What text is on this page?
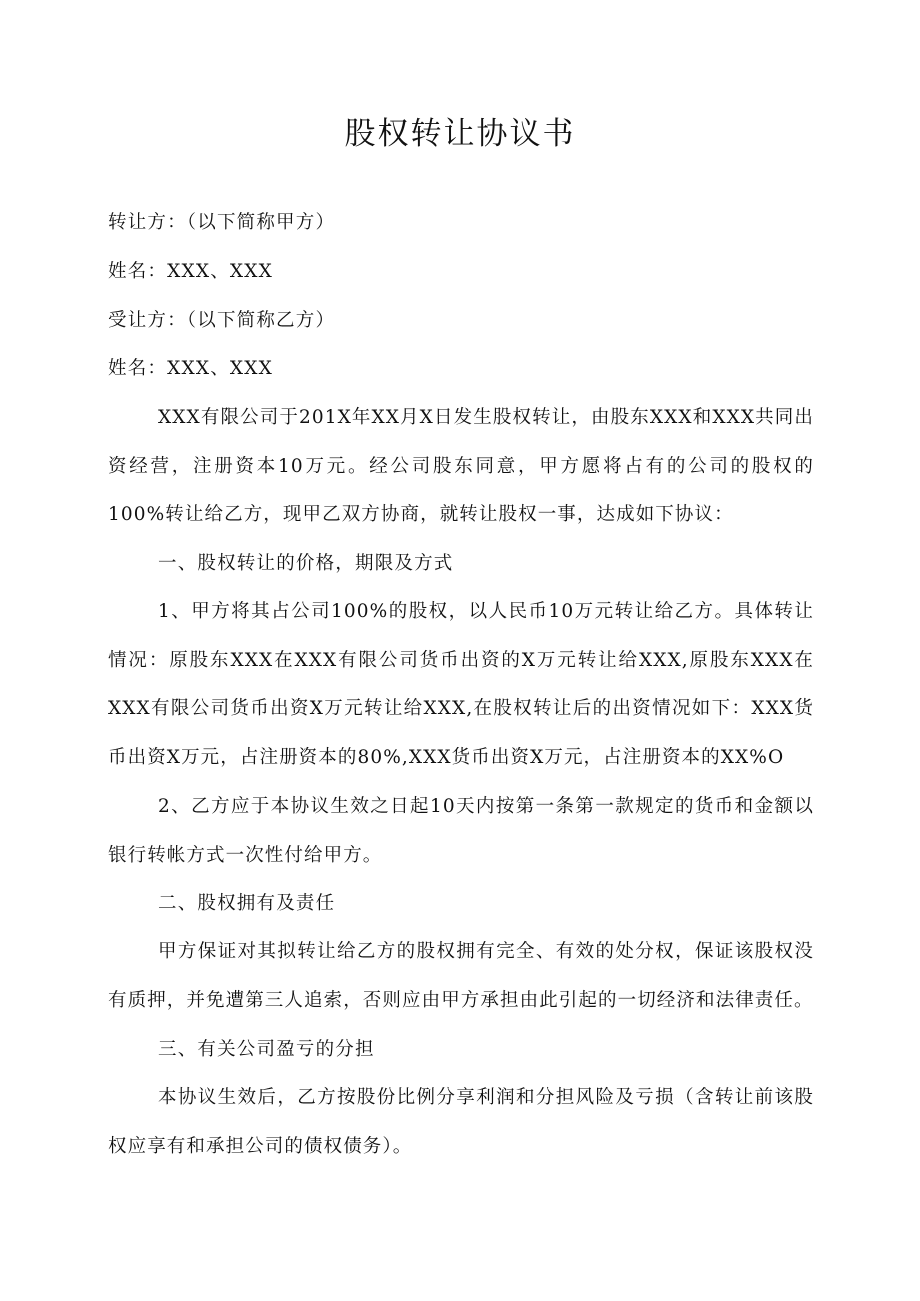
股权转让协议书
转让方：（以下简称甲方）
姓名：XXX、XXX
受让方：（以下简称乙方）
姓名：XXX、XXX
XXX有限公司于201X年XX月X日发生股权转让，由股东XXX和XXX共同出资经营，注册资本10万元。经公司股东同意，甲方愿将占有的公司的股权的100%转让给乙方，现甲乙双方协商，就转让股权一事，达成如下协议：
一、股权转让的价格，期限及方式
1、甲方将其占公司100%的股权，以人民币10万元转让给乙方。具体转让情况：原股东XXX在XXX有限公司货币出资的X万元转让给XXX,原股东XXX在XXX有限公司货币出资X万元转让给XXX,在股权转让后的出资情况如下：XXX货币出资X万元，占注册资本的80%,XXX货币出资X万元，占注册资本的XX%O
2、乙方应于本协议生效之日起10天内按第一条第一款规定的货币和金额以银行转帐方式一次性付给甲方。
二、股权拥有及责任
甲方保证对其拟转让给乙方的股权拥有完全、有效的处分权，保证该股权没有质押，并免遭第三人追索，否则应由甲方承担由此引起的一切经济和法律责任。
三、有关公司盈亏的分担
本协议生效后，乙方按股份比例分享利润和分担风险及亏损（含转让前该股权应享有和承担公司的债权债务）。
